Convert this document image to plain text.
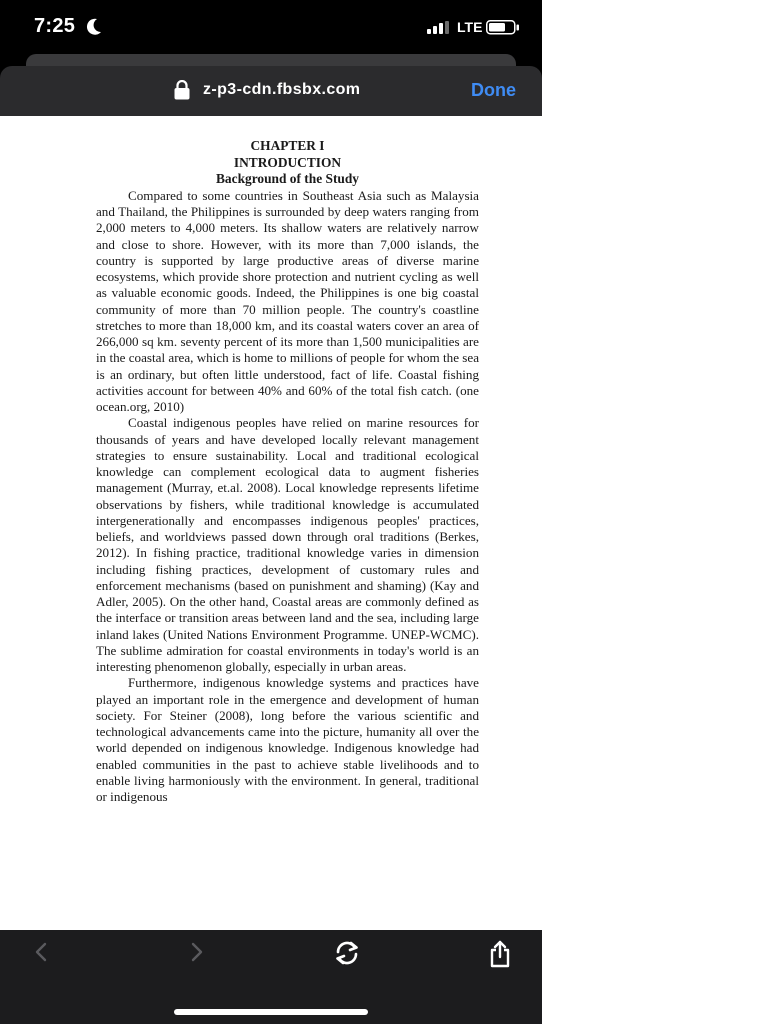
7:25	LTE
z-p3-cdn.fbsbx.com	Done

CHAPTER I

INTRODUCTION

Background of the Study

Compared to some countries in Southeast Asia such as Malaysia and Thailand, the Philippines is surrounded by deep waters ranging from 2,000 meters to 4,000 meters. Its shallow waters are relatively narrow and close to shore. However, with its more than 7,000 islands, the country is supported by large productive areas of diverse marine ecosystems, which provide shore protection and nutrient cycling as well as valuable economic goods. Indeed, the Philippines is one big coastal community of more than 70 million people. The country's coastline stretches to more than 18,000 km, and its coastal waters cover an area of 266,000 sq km. seventy percent of its more than 1,500 municipalities are in the coastal area, which is home to millions of people for whom the sea is an ordinary, but often little understood, fact of life. Coastal fishing activities account for between 40% and 60% of the total fish catch. (one ocean.org, 2010)

Coastal indigenous peoples have relied on marine resources for thousands of years and have developed locally relevant management strategies to ensure sustainability. Local and traditional ecological knowledge can complement ecological data to augment fisheries management (Murray, et.al. 2008). Local knowledge represents lifetime observations by fishers, while traditional knowledge is accumulated intergenerationally and encompasses indigenous peoples' practices, beliefs, and worldviews passed down through oral traditions (Berkes, 2012). In fishing practice, traditional knowledge varies in dimension including fishing practices, development of customary rules and enforcement mechanisms (based on punishment and shaming) (Kay and Adler, 2005). On the other hand, Coastal areas are commonly defined as the interface or transition areas between land and the sea, including large inland lakes (United Nations Environment Programme. UNEP-WCMC). The sublime admiration for coastal environments in today's world is an interesting phenomenon globally, especially in urban areas.

Furthermore, indigenous knowledge systems and practices have played an important role in the emergence and development of human society. For Steiner (2008), long before the various scientific and technological advancements came into the picture, humanity all over the world depended on indigenous knowledge. Indigenous knowledge had enabled communities in the past to achieve stable livelihoods and to enable living harmoniously with the environment. In general, traditional or indigenous
